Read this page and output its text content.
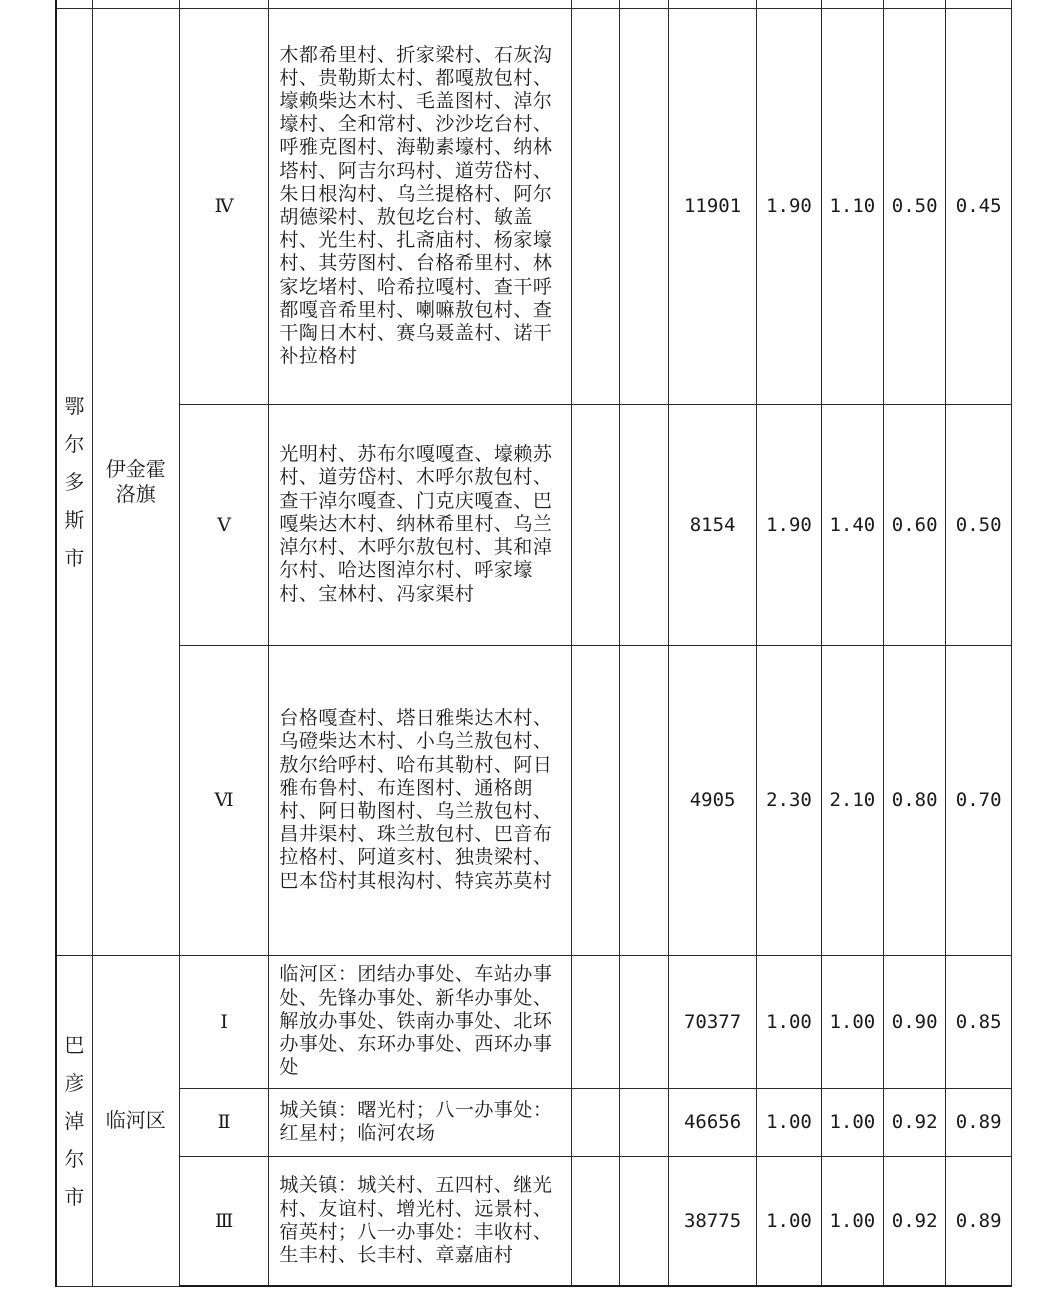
鄂尔多斯市	伊金霍洛旗	Ⅳ	木都希里村、折家梁村、石灰沟村、贵勒斯太村、都嘎敖包村、壕赖柴达木村、毛盖图村、淖尔壕村、全和常村、沙沙圪台村、呼雅克图村、海勒素壕村、纳林塔村、阿吉尔玛村、道劳岱村、朱日根沟村、乌兰提格村、阿尔胡德梁村、敖包圪台村、敏盖村、光生村、扎斋庙村、杨家壕村、其劳图村、台格希里村、林家圪堵村、哈希拉嘎村、查干呼都嘎音希里村、喇嘛敖包村、查干陶日木村、赛乌聂盖村、诺干补拉格村			11901	1.90	1.10	0.50	0.45
		Ⅴ	光明村、苏布尔嘎嘎查、壕赖苏村、道劳岱村、木呼尔敖包村、查干淖尔嘎查、门克庆嘎查、巴嘎柴达木村、纳林希里村、乌兰淖尔村、木呼尔敖包村、其和淖尔村、哈达图淖尔村、呼家壕村、宝林村、冯家渠村			8154	1.90	1.40	0.60	0.50
		Ⅵ	台格嘎查村、塔日雅柴达木村、乌磴柴达木村、小乌兰敖包村、敖尔给呼村、哈布其勒村、阿日雅布鲁村、布连图村、通格朗村、阿日勒图村、乌兰敖包村、昌井渠村、珠兰敖包村、巴音布拉格村、阿道亥村、独贵梁村、巴本岱村其根沟村、特宾苏莫村			4905	2.30	2.10	0.80	0.70
巴彦淖尔市	临河区	Ⅰ	临河区：团结办事处、车站办事处、先锋办事处、新华办事处、解放办事处、铁南办事处、北环办事处、东环办事处、西环办事处			70377	1.00	1.00	0.90	0.85
		Ⅱ	城关镇：曙光村；八一办事处：红星村；临河农场			46656	1.00	1.00	0.92	0.89
		Ⅲ	城关镇：城关村、五四村、继光村、友谊村、增光村、远景村、宿英村；八一办事处：丰收村、生丰村、长丰村、章嘉庙村			38775	1.00	1.00	0.92	0.89
